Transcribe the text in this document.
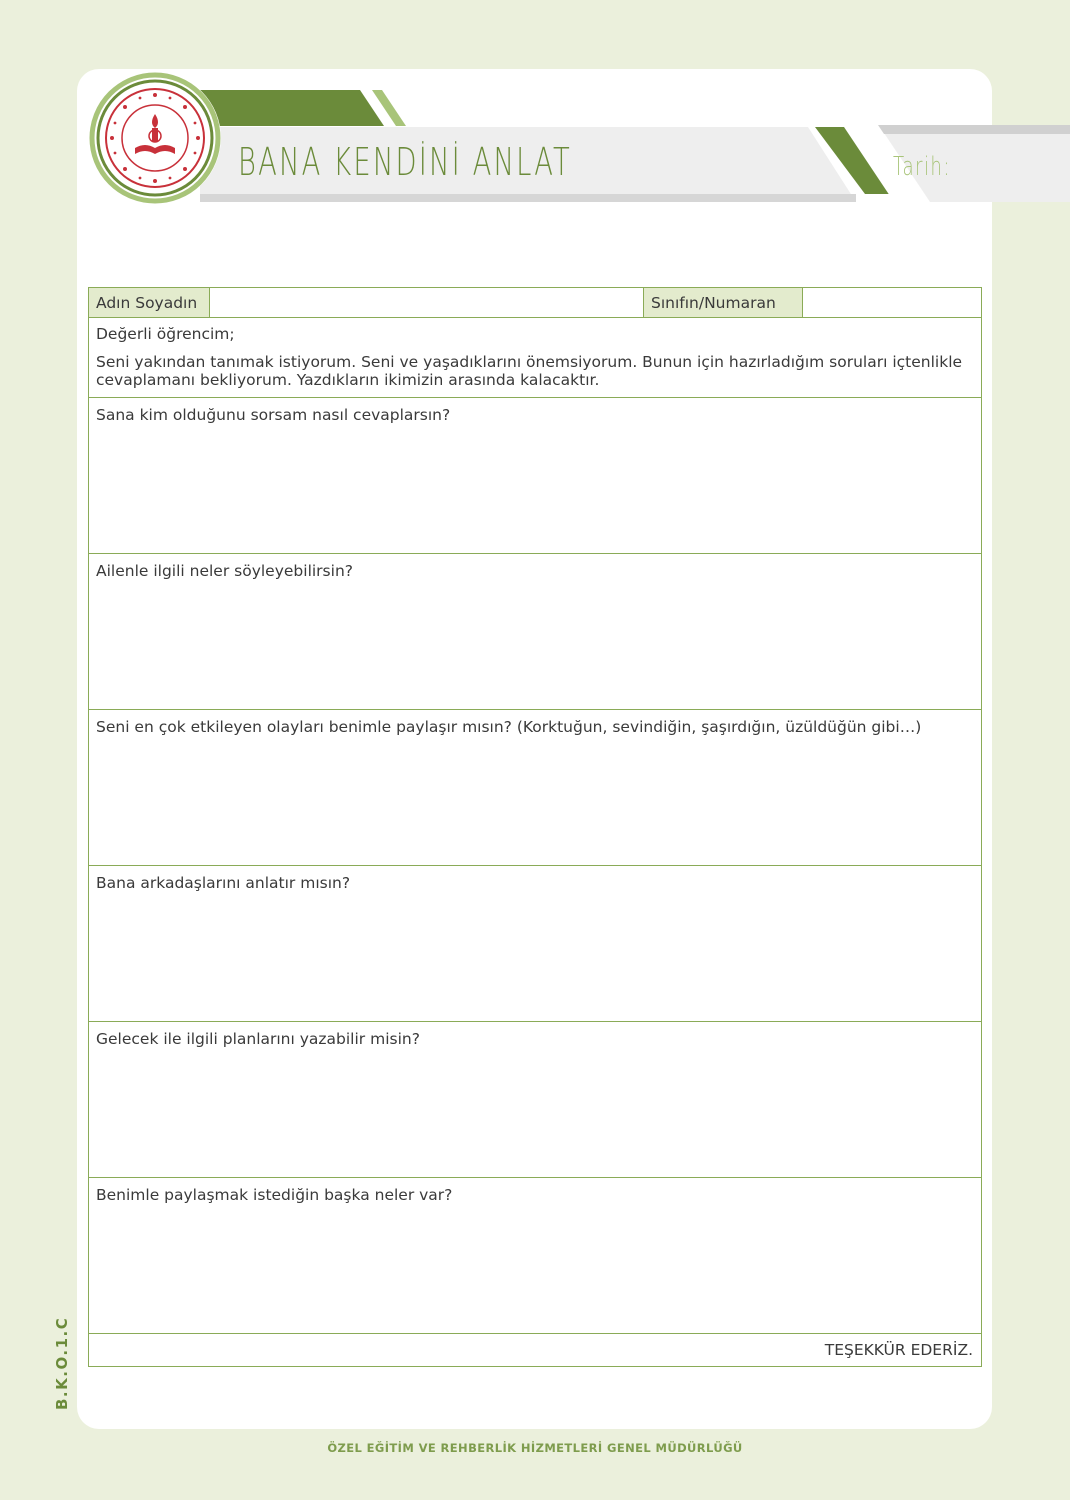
BANA KENDİNİ ANLAT	Tarih:
Adın Soyadın		Sınıfın/Numaran	

Değerli öğrencim;

Seni yakından tanımak istiyorum. Seni ve yaşadıklarını önemsiyorum. Bunun için hazırladığım soruları içtenlikle cevaplamanı bekliyorum. Yazdıkların ikimizin arasında kalacaktır.

Sana kim olduğunu sorsam nasıl cevaplarsın?
Ailenle ilgili neler söyleyebilirsin?
Seni en çok etkileyen olayları benimle paylaşır mısın? (Korktuğun, sevindiğin, şaşırdığın, üzüldüğün gibi…)
Bana arkadaşlarını anlatır mısın?
Gelecek ile ilgili planlarını yazabilir misin?
Benimle paylaşmak istediğin başka neler var?
TEŞEKKÜR EDERİZ.
B.K.O.1.C
ÖZEL EĞİTİM VE REHBERLİK HİZMETLERİ GENEL MÜDÜRLÜĞÜ
